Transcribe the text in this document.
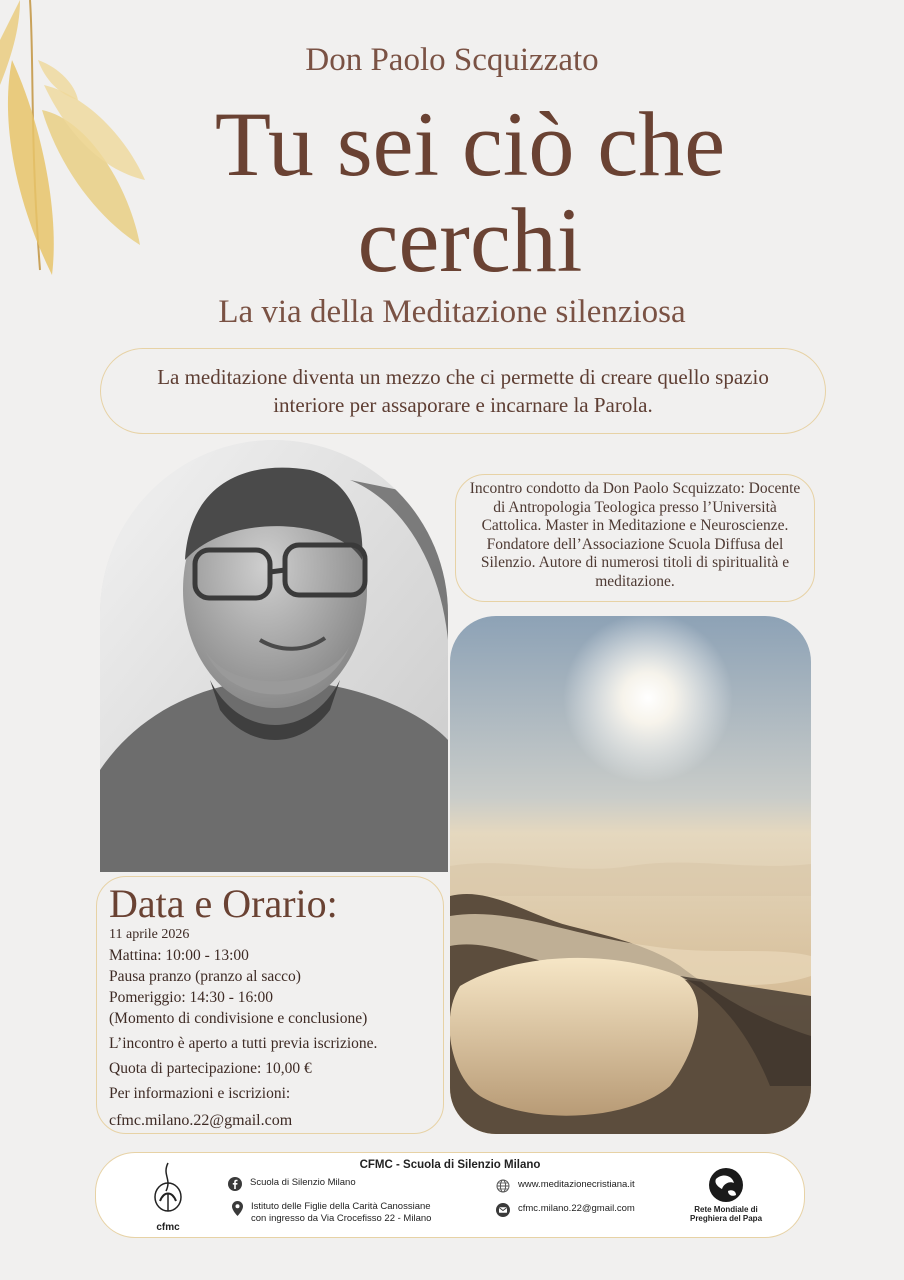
Don Paolo Scquizzato
Tu sei ciò che
cerchi
La via della Meditazione silenziosa
La meditazione diventa un mezzo che ci permette di creare quello spazio interiore per assaporare e incarnare la Parola.
Incontro condotto da Don Paolo Scquizzato: Docente di Antropologia Teologica presso l’Università Cattolica. Master in Meditazione e Neuroscienze. Fondatore dell’Associazione Scuola Diffusa del Silenzio. Autore di numerosi titoli di spiritualità e meditazione.
Data e Orario:
11 aprile 2026
Mattina: 10:00 - 13:00
Pausa pranzo (pranzo al sacco)
Pomeriggio: 14:30 - 16:00
(Momento di condivisione e conclusione)
L’incontro è aperto a tutti previa iscrizione.
Quota di partecipazione: 10,00 €
Per informazioni e iscrizioni:
cfmc.milano.22@gmail.com
CFMC - Scuola di Silenzio Milano
cfmc
Scuola di Silenzio Milano
Istituto delle Figlie della Carità Canossiane
con ingresso da Via Crocefisso 22 - Milano
www.meditazionecristiana.it
cfmc.milano.22@gmail.com	Rete Mondiale di
Preghiera del Papa
